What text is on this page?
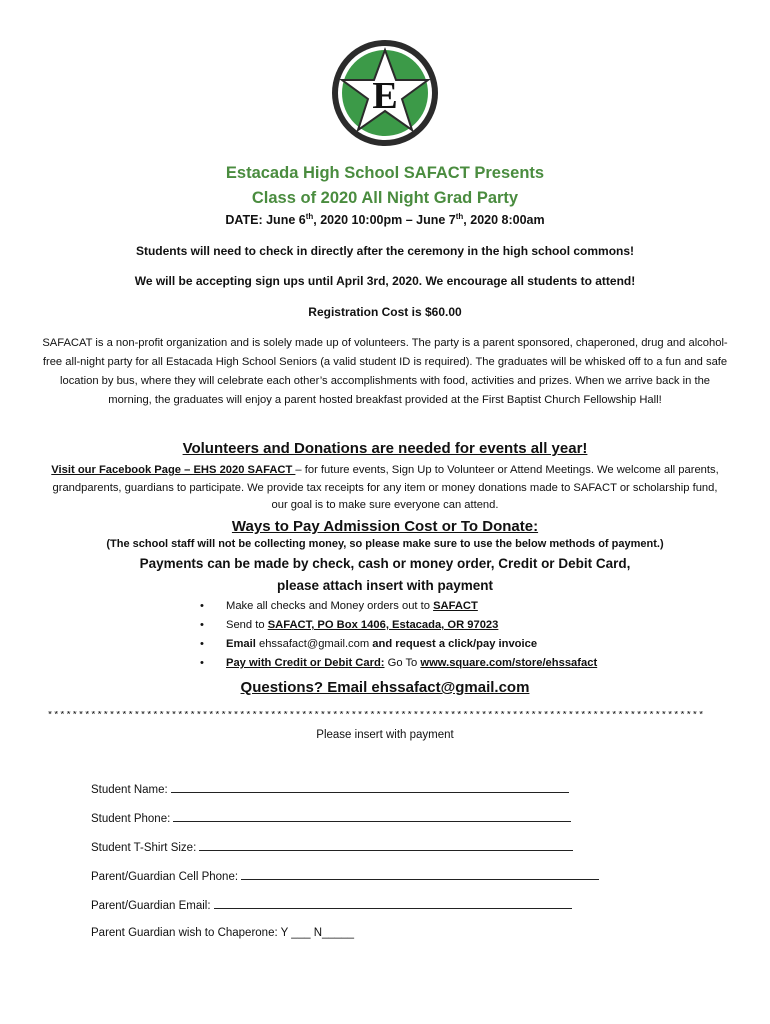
E
Estacada High School SAFACT Presents
Class of 2020 All Night Grad Party
DATE: June 6th, 2020 10:00pm – June 7th, 2020 8:00am
Students will need to check in directly after the ceremony in the high school commons!
We will be accepting sign ups until April 3rd, 2020. We encourage all students to attend!
Registration Cost is $60.00
SAFACAT is a non-profit organization and is solely made up of volunteers. The party is a parent sponsored, chaperoned, drug and alcohol-free all-night party for all Estacada High School Seniors (a valid student ID is required). The graduates will be whisked off to a fun and safe location by bus, where they will celebrate each other’s accomplishments with food, activities and prizes. When we arrive back in the morning, the graduates will enjoy a parent hosted breakfast provided at the First Baptist Church Fellowship Hall!
Volunteers and Donations are needed for events all year!
Visit our Facebook Page – EHS 2020 SAFACT – for future events, Sign Up to Volunteer or Attend Meetings. We welcome all parents, grandparents, guardians to participate. We provide tax receipts for any item or money donations made to SAFACT or scholarship fund, our goal is to make sure everyone can attend.
Ways to Pay Admission Cost or To Donate:
(The school staff will not be collecting money, so please make sure to use the below methods of payment.)
Payments can be made by check, cash or money order, Credit or Debit Card,
please attach insert with payment
• Make all checks and Money orders out to SAFACT
• Send to SAFACT, PO Box 1406, Estacada, OR 97023
• Email ehssafact@gmail.com and request a click/pay invoice
• Pay with Credit or Debit Card: Go To www.square.com/store/ehssafact
Questions? Email ehssafact@gmail.com
**********************************************************************************************************
Please insert with payment
Student Name:
Student Phone:
Student T-Shirt Size:
Parent/Guardian Cell Phone:
Parent/Guardian Email:
Parent Guardian wish to Chaperone: Y ___ N_____
